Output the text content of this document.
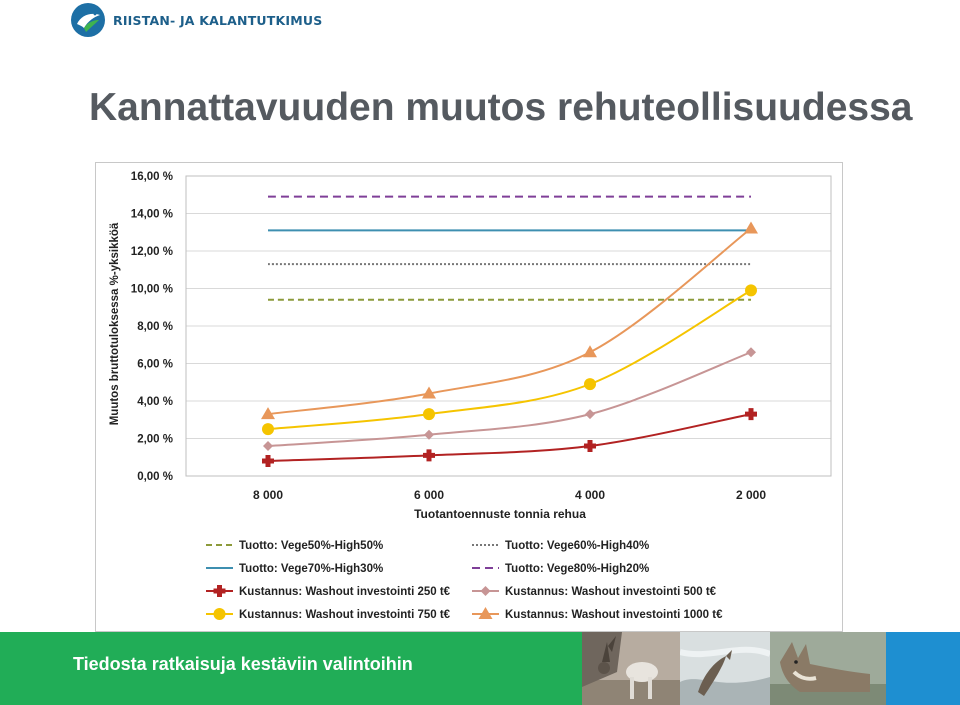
RIISTAN- JA KALANTUTKIMUS
Kannattavuuden muutos rehuteollisuudessa
0,00 %
2,00 %
4,00 %
6,00 %
8,00 %
10,00 %
12,00 %
14,00 %
16,00 %
8 000	6 000	4 000	2 000
Muutos bruttotuloksessa %-yksikköä
Tuotantoennuste tonnia rehua
Tuotto: Vege50%-High50%	Tuotto: Vege60%-High40%
Tuotto: Vege70%-High30%	Tuotto: Vege80%-High20%
Kustannus: Washout investointi 250 t€	Kustannus: Washout investointi 500 t€
Kustannus: Washout investointi 750 t€	Kustannus: Washout investointi 1000 t€
Tiedosta ratkaisuja kestäviin valintoihin
